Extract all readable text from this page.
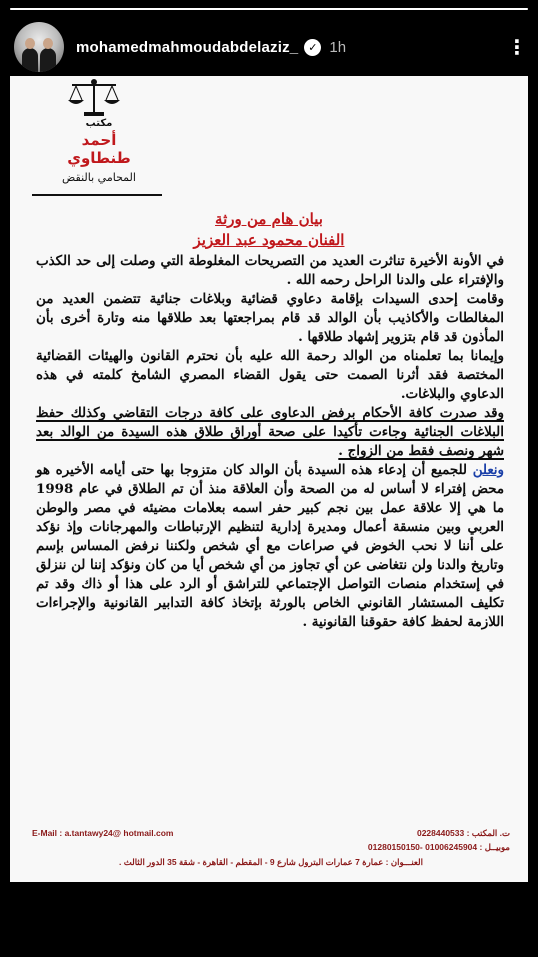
mohamedmahmoudabdelaziz_ ✓ 1h	⋮
مكتب
أحمد طنطاوي
المحامي بالنقض
بيان هام من ورثة
الفنان محمود عبد العزيز

في الأونة الأخيرة تناثرت العديد من التصريحات المغلوطة التي وصلت إلى حد الكذب والإفتراء على والدنا الراحل رحمه الله .

وقامت إحدى السيدات بإقامة دعاوي قضائية وبلاغات جنائية تتضمن العديد من المغالطات والأكاذيب بأن الوالد قد قام بمراجعتها بعد طلاقها منه وتارة أخرى بأن المأذون قد قام بتزوير إشهاد طلاقها .

وإيمانا بما تعلمناه من الوالد رحمة الله عليه بأن نحترم القانون والهيئات القضائية المختصة فقد أثرنا الصمت حتى يقول القضاء المصري الشامخ كلمته في هذه الدعاوي والبلاغات.

وقد صدرت كافة الأحكام برفض الدعاوى على كافة درجات التقاضي وكذلك حفظ البلاغات الجنائية وجاءت تأكيدا على صحة أوراق طلاق هذه السيدة من الوالد بعد شهر ونصف فقط من الزواج .

ونعلن للجميع أن إدعاء هذه السيدة بأن الوالد كان متزوجا بها حتى أيامه الأخيره هو محض إفتراء لا أساس له من الصحة وأن العلاقة منذ أن تم الطلاق في عام 1998 ما هي إلا علاقة عمل بين نجم كبير حفر اسمه بعلامات مضيئه في مصر والوطن العربي وبين منسقة أعمال ومديرة إدارية لتنظيم الإرتباطات والمهرجانات وإذ نؤكد على أننا لا نحب الخوض في صراعات مع أي شخص ولكننا نرفض المساس بإسم وتاريخ والدنا ولن نتغاضى عن أي تجاوز من أي شخص أيا من كان ونؤكد إننا لن ننزلق في إستخدام منصات التواصل الإجتماعي للتراشق أو الرد على هذا أو ذاك وقد تم تكليف المستشار القانوني الخاص بالورثة بإتخاذ كافة التدابير القانونية والإجراءات اللازمة لحفظ كافة حقوقنا القانونية .

E-Mail : a.tantawy24@ hotmail.com	ت. المكتب : 0228440533
موبيــل : 01006245904 -01280150150
العنـــوان : عمارة 7 عمارات البترول شارع 9 - المقطم - القاهرة - شقة 35 الدور الثالث .
